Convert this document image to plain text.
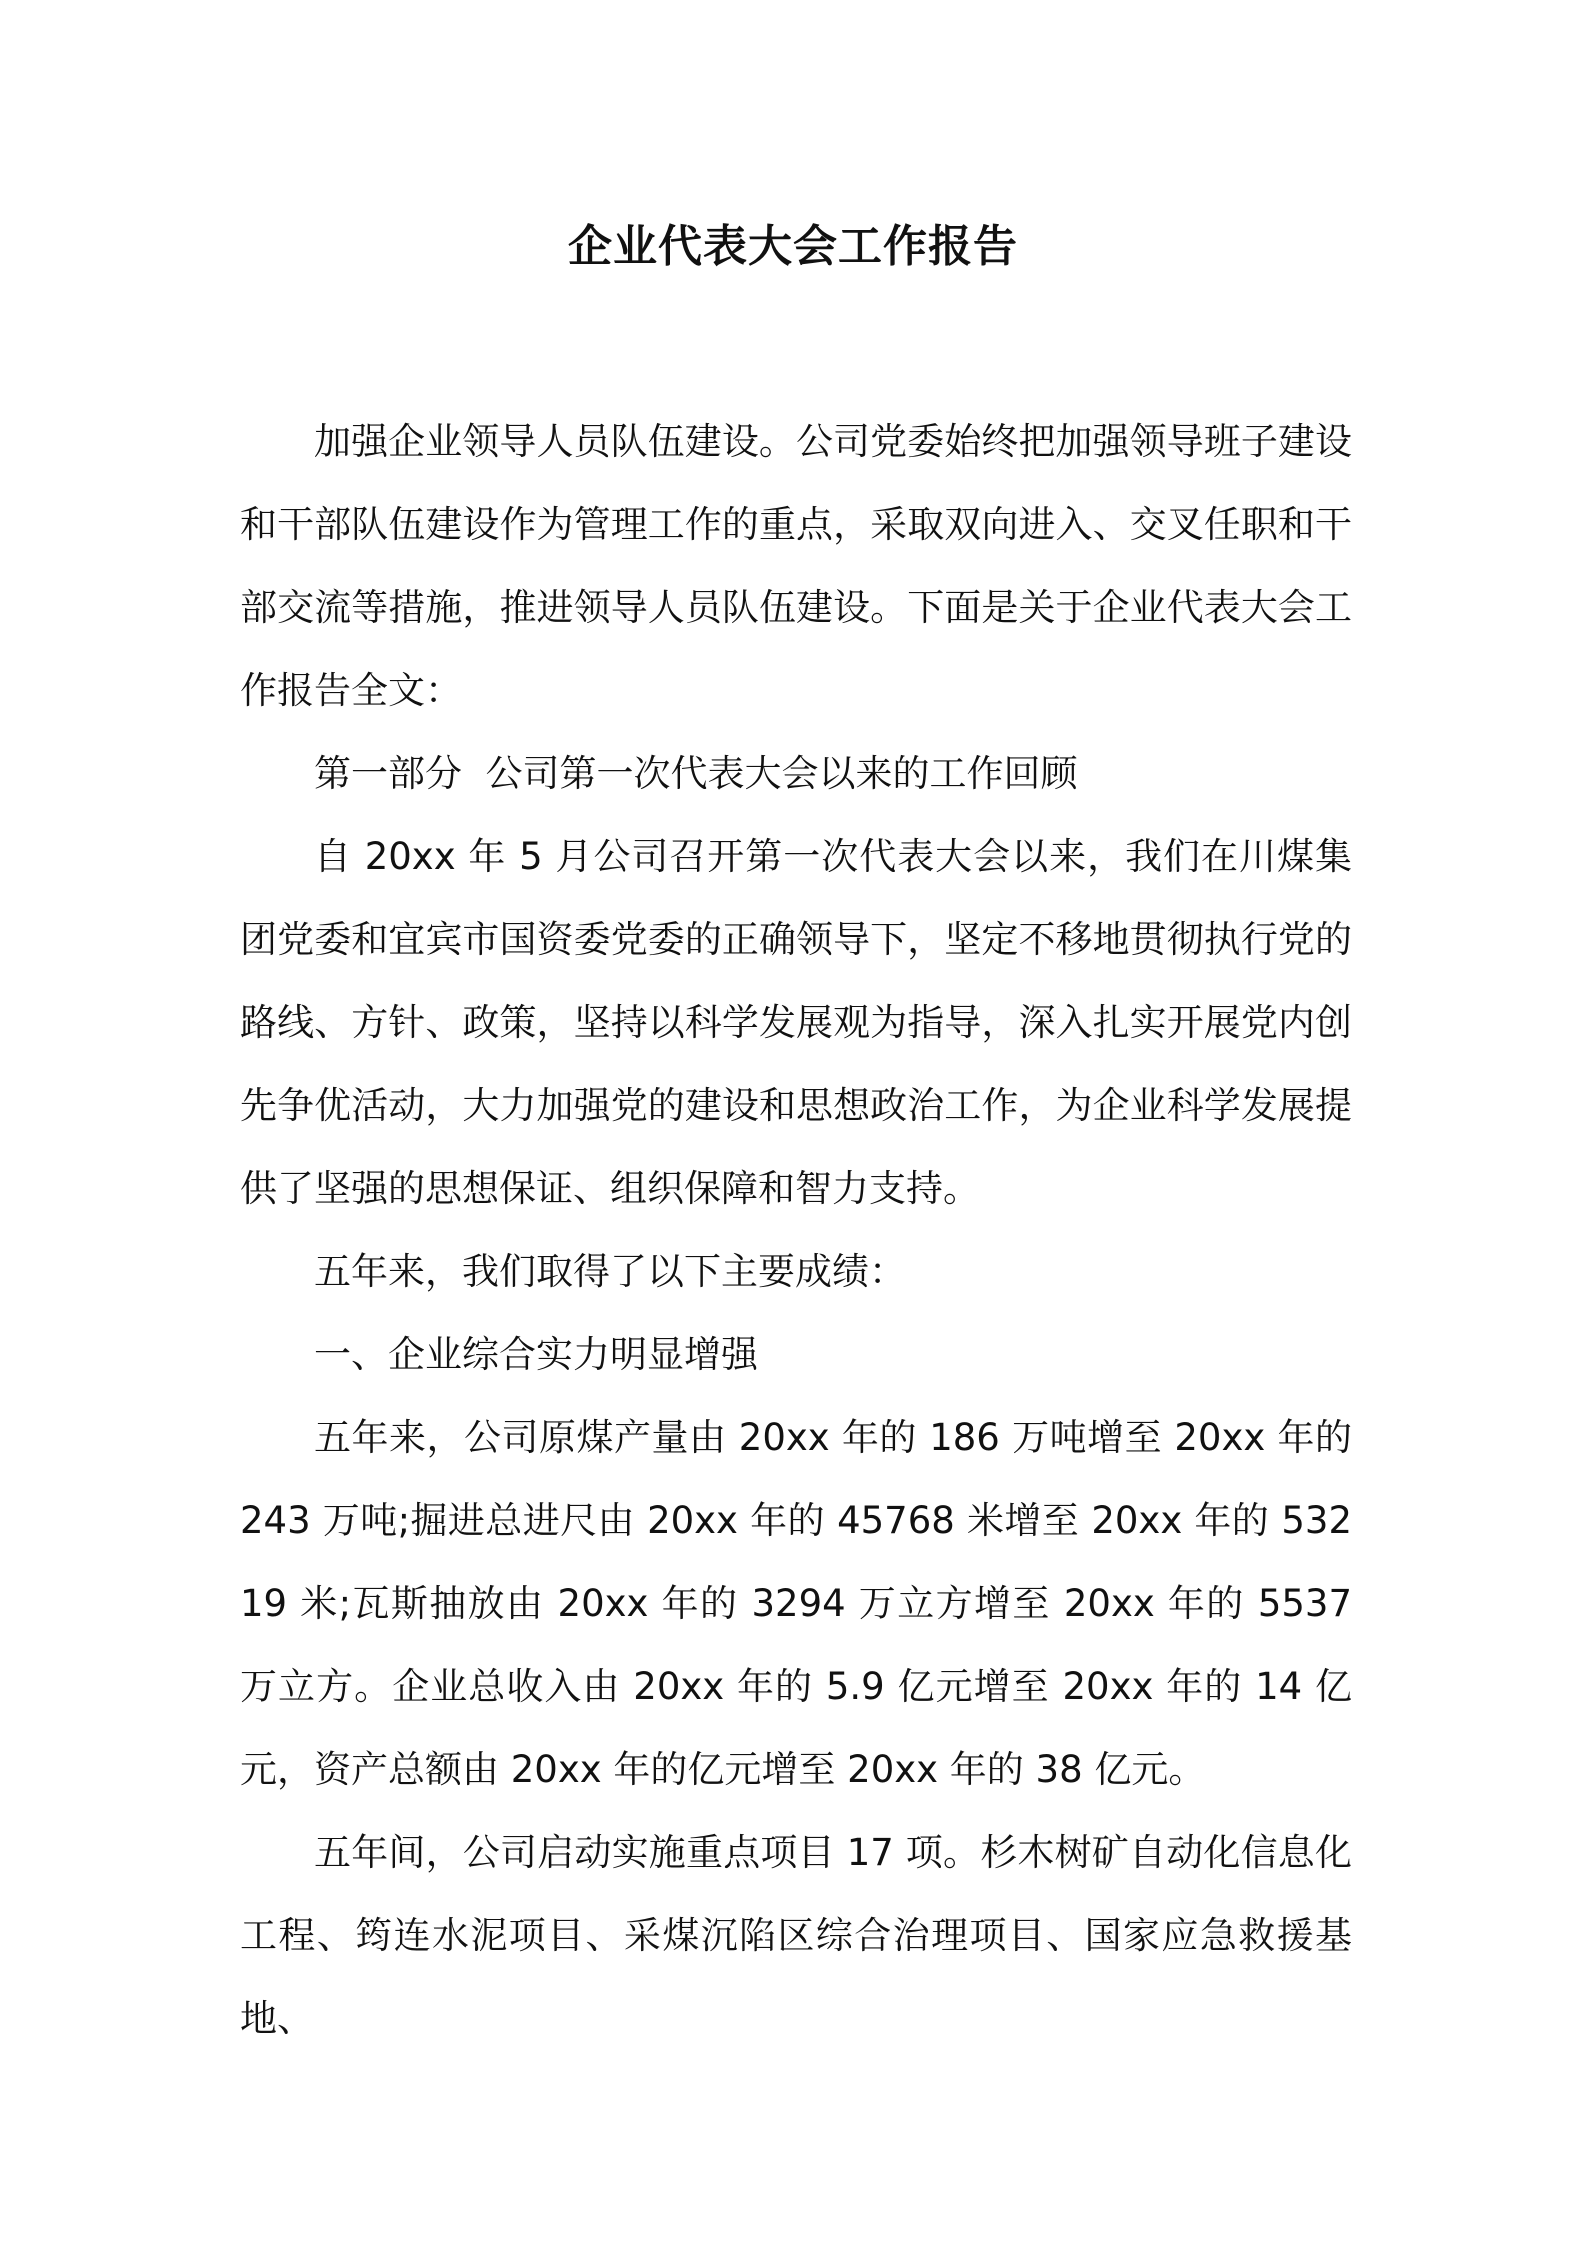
企业代表大会工作报告

加强企业领导人员队伍建设。公司党委始终把加强领导班子建设和干部队伍建设作为管理工作的重点，采取双向进入、交叉任职和干部交流等措施，推进领导人员队伍建设。下面是关于企业代表大会工作报告全文：

第一部分  公司第一次代表大会以来的工作回顾

自 20xx 年 5 月公司召开第一次代表大会以来，我们在川煤集团党委和宜宾市国资委党委的正确领导下，坚定不移地贯彻执行党的路线、方针、政策，坚持以科学发展观为指导，深入扎实开展党内创先争优活动，大力加强党的建设和思想政治工作，为企业科学发展提供了坚强的思想保证、组织保障和智力支持。

五年来，我们取得了以下主要成绩：

一、企业综合实力明显增强

五年来，公司原煤产量由 20xx 年的 186 万吨增至 20xx 年的 243 万吨;掘进总进尺由 20xx 年的 45768 米增至 20xx 年的 53219 米;瓦斯抽放由 20xx 年的 3294 万立方增至 20xx 年的 5537 万立方。企业总收入由 20xx 年的 5.9 亿元增至 20xx 年的 14 亿元，资产总额由 20xx 年的亿元增至 20xx 年的 38 亿元。

五年间，公司启动实施重点项目 17 项。杉木树矿自动化信息化工程、筠连水泥项目、采煤沉陷区综合治理项目、国家应急救援基地、
